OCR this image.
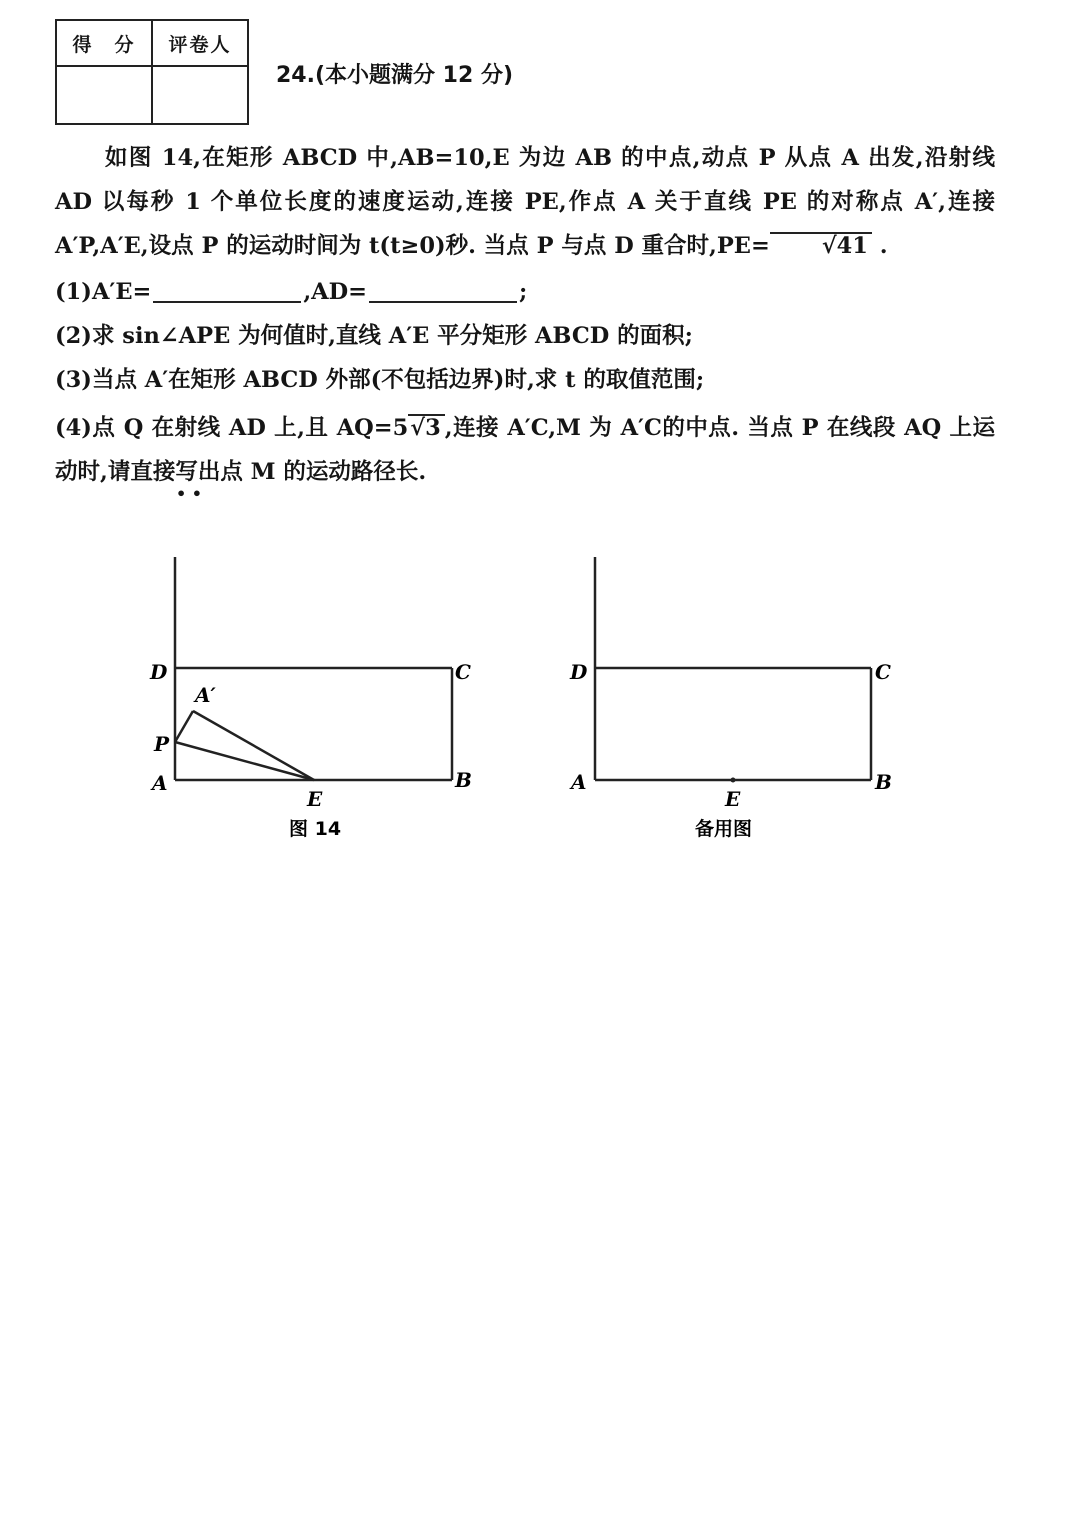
得　分	评卷人

24.(本小题满分 12 分)
如图 14,在矩形 ABCD 中,AB=10,E 为边 AB 的中点,动点 P 从点 A 出发,沿射线 AD 以每秒 1 个单位长度的速度运动,连接 PE,作点 A 关于直线 PE 的对称点 A′,连接 A′P,A′E,设点 P 的运动时间为 t(t≥0)秒. 当点 P 与点 D 重合时,PE= √41 .
(1)A′E=	,AD=	;
(2)求 sin∠APE 为何值时,直线 A′E 平分矩形 ABCD 的面积;
(3)当点 A′在矩形 ABCD 外部(不包括边界)时,求 t 的取值范围;
(4)点 Q 在射线 AD 上,且 AQ=5√3 ,连接 A′C,M 为 A′C的中点. 当点 P 在线段 AQ 上运动时,请直接写出点 M 的运动路径长.
• •
D	C
A′
P
A	B
E
图 14
D	C
A	B
E
备用图
